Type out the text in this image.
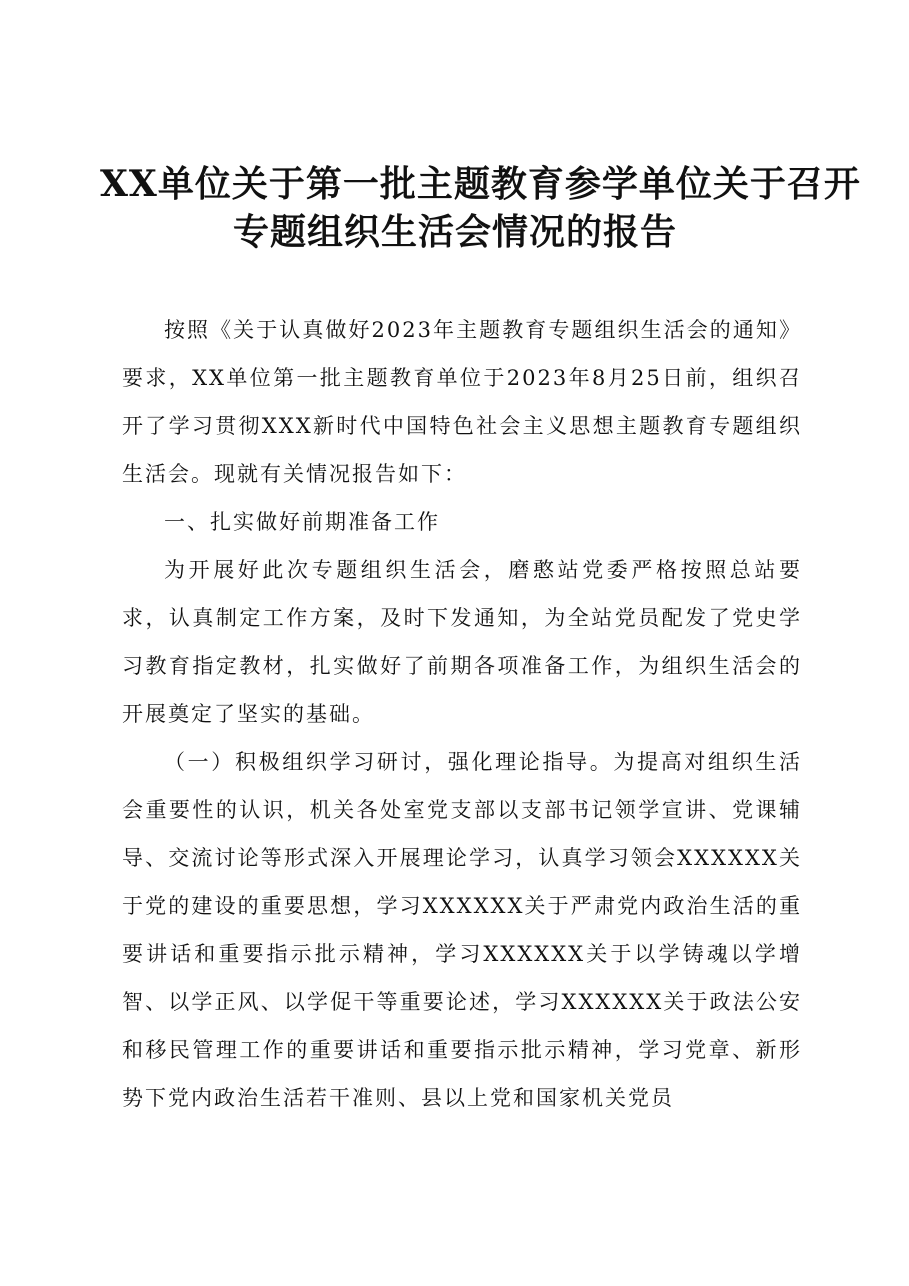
XX单位关于第一批主题教育参学单位关于召开
专题组织生活会情况的报告

按照《关于认真做好2023年主题教育专题组织生活会的通知》要求，XX单位第一批主题教育单位于2023年8月25日前，组织召开了学习贯彻XXX新时代中国特色社会主义思想主题教育专题组织生活会。现就有关情况报告如下：

一、扎实做好前期准备工作

为开展好此次专题组织生活会，磨憨站党委严格按照总站要求，认真制定工作方案，及时下发通知，为全站党员配发了党史学习教育指定教材，扎实做好了前期各项准备工作，为组织生活会的开展奠定了坚实的基础。

（一）积极组织学习研讨，强化理论指导。为提高对组织生活会重要性的认识，机关各处室党支部以支部书记领学宣讲、党课辅导、交流讨论等形式深入开展理论学习，认真学习领会XXXXXX关于党的建设的重要思想，学习XXXXXX关于严肃党内政治生活的重要讲话和重要指示批示精神，学习XXXXXX关于以学铸魂以学增智、以学正风、以学促干等重要论述，学习XXXXXX关于政法公安和移民管理工作的重要讲话和重要指示批示精神，学习党章、新形势下党内政治生活若干准则、县以上党和国家机关党员
